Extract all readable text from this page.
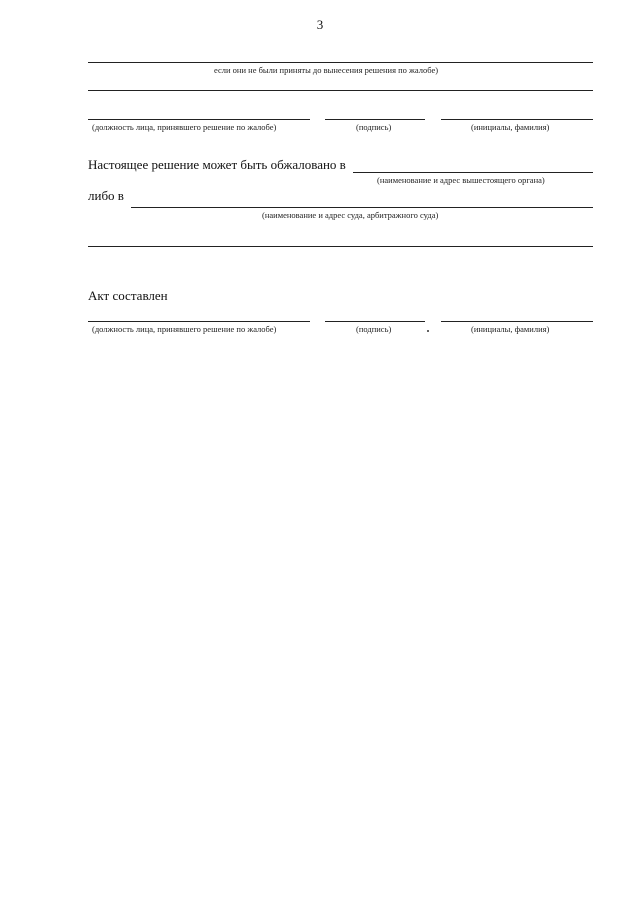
3
если они не были приняты до вынесения решения по жалобе)
(должность лица, принявшего решение по жалобе)	(подпись)	(инициалы, фамилия)
Настоящее решение может быть обжаловано в
(наименование и адрес вышестоящего органа)
либо в
(наименование и адрес суда, арбитражного суда)
Акт составлен
(должность лица, принявшего решение по жалобе)	(подпись)	(инициалы, фамилия)
